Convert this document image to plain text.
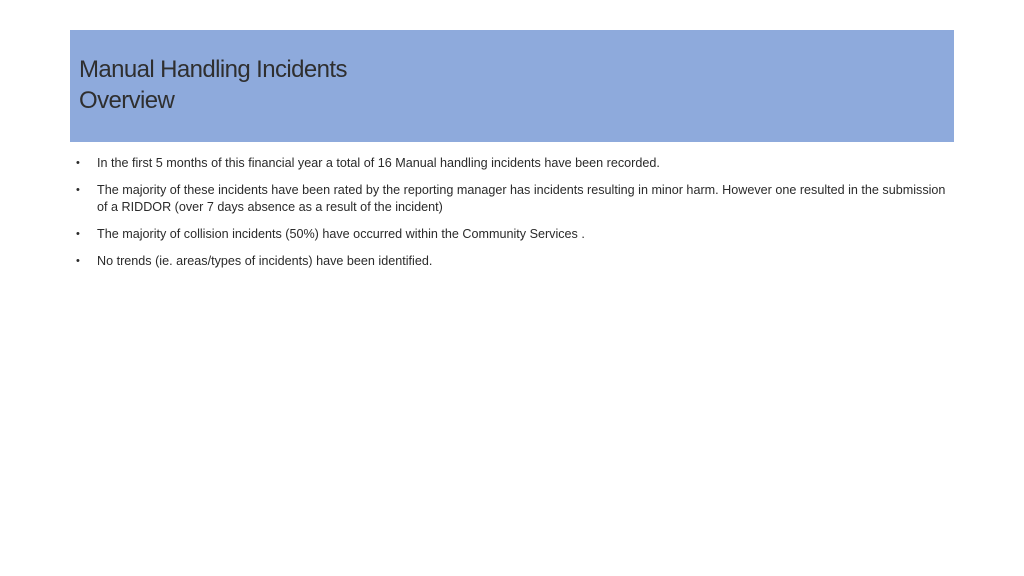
Manual Handling Incidents
Overview
• In the first 5 months of this financial year a total of 16 Manual handling incidents have been recorded.
• The majority of these incidents have been rated by the reporting manager has incidents resulting in minor harm. However one resulted in the submission of a RIDDOR (over 7 days absence as a result of the incident)
• The majority of collision incidents (50%) have occurred within the Community Services .
• No trends (ie. areas/types of incidents) have been identified.
